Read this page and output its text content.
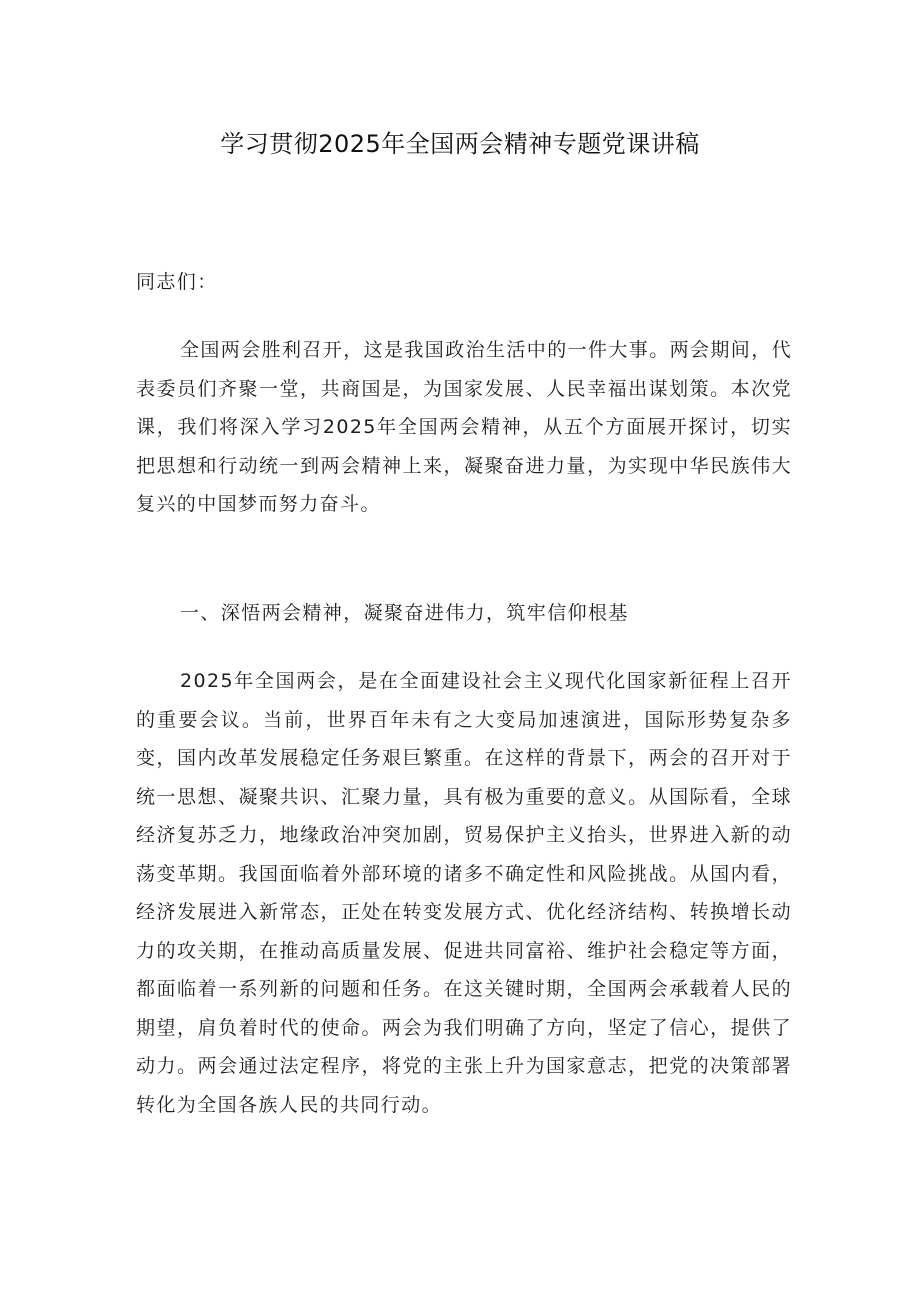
学习贯彻2025年全国两会精神专题党课讲稿

同志们：

全国两会胜利召开，这是我国政治生活中的一件大事。两会期间，代表委员们齐聚一堂，共商国是，为国家发展、人民幸福出谋划策。本次党课，我们将深入学习2025年全国两会精神，从五个方面展开探讨，切实把思想和行动统一到两会精神上来，凝聚奋进力量，为实现中华民族伟大复兴的中国梦而努力奋斗。

一、深悟两会精神，凝聚奋进伟力，筑牢信仰根基

2025年全国两会，是在全面建设社会主义现代化国家新征程上召开的重要会议。当前，世界百年未有之大变局加速演进，国际形势复杂多变，国内改革发展稳定任务艰巨繁重。在这样的背景下，两会的召开对于统一思想、凝聚共识、汇聚力量，具有极为重要的意义。从国际看，全球经济复苏乏力，地缘政治冲突加剧，贸易保护主义抬头，世界进入新的动荡变革期。我国面临着外部环境的诸多不确定性和风险挑战。从国内看，经济发展进入新常态，正处在转变发展方式、优化经济结构、转换增长动力的攻关期，在推动高质量发展、促进共同富裕、维护社会稳定等方面，都面临着一系列新的问题和任务。在这关键时期，全国两会承载着人民的期望，肩负着时代的使命。两会为我们明确了方向，坚定了信心，提供了动力。两会通过法定程序，将党的主张上升为国家意志，把党的决策部署转化为全国各族人民的共同行动。
